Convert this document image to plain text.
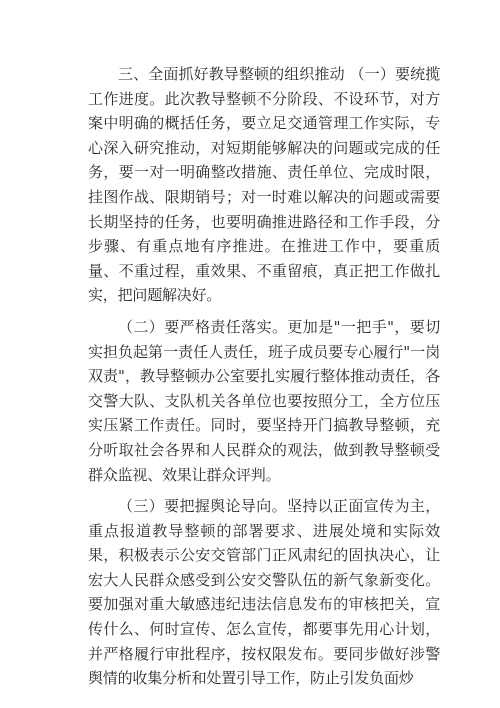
三、全面抓好教导整顿的组织推动 （一）要统揽工作进度。此次教导整顿不分阶段、不设环节，对方案中明确的概括任务，要立足交通管理工作实际，专心深入研究推动，对短期能够解决的问题或完成的任务，要一对一明确整改措施、责任单位、完成时限，挂图作战、限期销号；对一时难以解决的问题或需要长期坚持的任务，也要明确推进路径和工作手段，分步骤、有重点地有序推进。在推进工作中，要重质量、不重过程，重效果、不重留痕，真正把工作做扎实，把问题解决好。

（二）要严格责任落实。更加是"一把手"，要切实担负起第一责任人责任，班子成员要专心履行"一岗双责"，教导整顿办公室要扎实履行整体推动责任，各交警大队、支队机关各单位也要按照分工，全方位压实压紧工作责任。同时，要坚持开门搞教导整顿，充分听取社会各界和人民群众的观法，做到教导整顿受群众监视、效果让群众评判。

（三）要把握舆论导向。坚持以正面宣传为主，重点报道教导整顿的部署要求、进展处境和实际效果，积极表示公安交管部门正风肃纪的固执决心，让宏大人民群众感受到公安交警队伍的新气象新变化。要加强对重大敏感违纪违法信息发布的审核把关，宣传什么、何时宣传、怎么宣传，都要事先用心计划，并严格履行审批程序，按权限发布。要同步做好涉警舆情的收集分析和处置引导工作，防止引发负面炒
